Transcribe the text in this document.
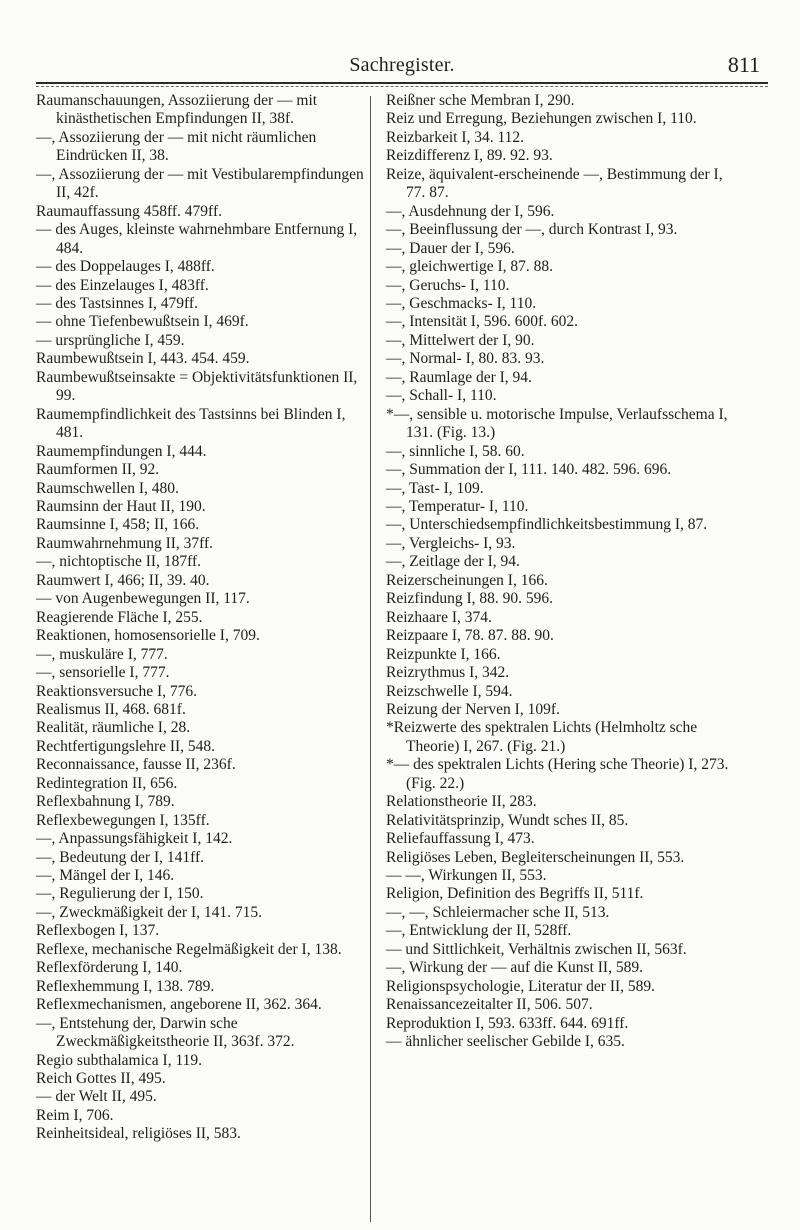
Sachregister.	811
Raumanschauungen, Assoziierung der — mit kinästhetischen Empfindungen II, 38f.
—, Assoziierung der — mit nicht räumlichen Eindrücken II, 38.
—, Assoziierung der — mit Vestibularempfindungen II, 42f.
Raumauffassung 458ff. 479ff.
— des Auges, kleinste wahrnehmbare Entfernung I, 484.
— des Doppelauges I, 488ff.
— des Einzelauges I, 483ff.
— des Tastsinnes I, 479ff.
— ohne Tiefenbewußtsein I, 469f.
— ursprüngliche I, 459.
Raumbewußtsein I, 443. 454. 459.
Raumbewußtseinsakte = Objektivitätsfunktionen II, 99.
Raumempfindlichkeit des Tastsinns bei Blinden I, 481.
Raumempfindungen I, 444.
Raumformen II, 92.
Raumschwellen I, 480.
Raumsinn der Haut II, 190.
Raumsinne I, 458; II, 166.
Raumwahrnehmung II, 37ff.
—, nichtoptische II, 187ff.
Raumwert I, 466; II, 39. 40.
— von Augenbewegungen II, 117.
Reagierende Fläche I, 255.
Reaktionen, homosensorielle I, 709.
—, muskuläre I, 777.
—, sensorielle I, 777.
Reaktionsversuche I, 776.
Realismus II, 468. 681f.
Realität, räumliche I, 28.
Rechtfertigungslehre II, 548.
Reconnaissance, fausse II, 236f.
Redintegration II, 656.
Reflexbahnung I, 789.
Reflexbewegungen I, 135ff.
—, Anpassungsfähigkeit I, 142.
—, Bedeutung der I, 141ff.
—, Mängel der I, 146.
—, Regulierung der I, 150.
—, Zweckmäßigkeit der I, 141. 715.
Reflexbogen I, 137.
Reflexe, mechanische Regelmäßigkeit der I, 138.
Reflexförderung I, 140.
Reflexhemmung I, 138. 789.
Reflexmechanismen, angeborene II, 362. 364.
—, Entstehung der, Darwin sche Zweckmäßigkeitstheorie II, 363f. 372.
Regio subthalamica I, 119.
Reich Gottes II, 495.
— der Welt II, 495.
Reim I, 706.
Reinheitsideal, religiöses II, 583.
Reißner sche Membran I, 290.
Reiz und Erregung, Beziehungen zwischen I, 110.
Reizbarkeit I, 34. 112.
Reizdifferenz I, 89. 92. 93.
Reize, äquivalent-erscheinende —, Bestimmung der I, 77. 87.
—, Ausdehnung der I, 596.
—, Beeinflussung der —, durch Kontrast I, 93.
—, Dauer der I, 596.
—, gleichwertige I, 87. 88.
—, Geruchs- I, 110.
—, Geschmacks- I, 110.
—, Intensität I, 596. 600f. 602.
—, Mittelwert der I, 90.
—, Normal- I, 80. 83. 93.
—, Raumlage der I, 94.
—, Schall- I, 110.
*—, sensible u. motorische Impulse, Verlaufsschema I, 131. (Fig. 13.)
—, sinnliche I, 58. 60.
—, Summation der I, 111. 140. 482. 596. 696.
—, Tast- I, 109.
—, Temperatur- I, 110.
—, Unterschiedsempfindlichkeitsbestimmung I, 87.
—, Vergleichs- I, 93.
—, Zeitlage der I, 94.
Reizerscheinungen I, 166.
Reizfindung I, 88. 90. 596.
Reizhaare I, 374.
Reizpaare I, 78. 87. 88. 90.
Reizpunkte I, 166.
Reizrythmus I, 342.
Reizschwelle I, 594.
Reizung der Nerven I, 109f.
*Reizwerte des spektralen Lichts (Helmholtz sche Theorie) I, 267. (Fig. 21.)
*— des spektralen Lichts (Hering sche Theorie) I, 273. (Fig. 22.)
Relationstheorie II, 283.
Relativitätsprinzip, Wundt sches II, 85.
Reliefauffassung I, 473.
Religiöses Leben, Begleiterscheinungen II, 553.
— —, Wirkungen II, 553.
Religion, Definition des Begriffs II, 511f.
—, —, Schleiermacher sche II, 513.
—, Entwicklung der II, 528ff.
— und Sittlichkeit, Verhältnis zwischen II, 563f.
—, Wirkung der — auf die Kunst II, 589.
Religionspsychologie, Literatur der II, 589.
Renaissancezeitalter II, 506. 507.
Reproduktion I, 593. 633ff. 644. 691ff.
— ähnlicher seelischer Gebilde I, 635.
